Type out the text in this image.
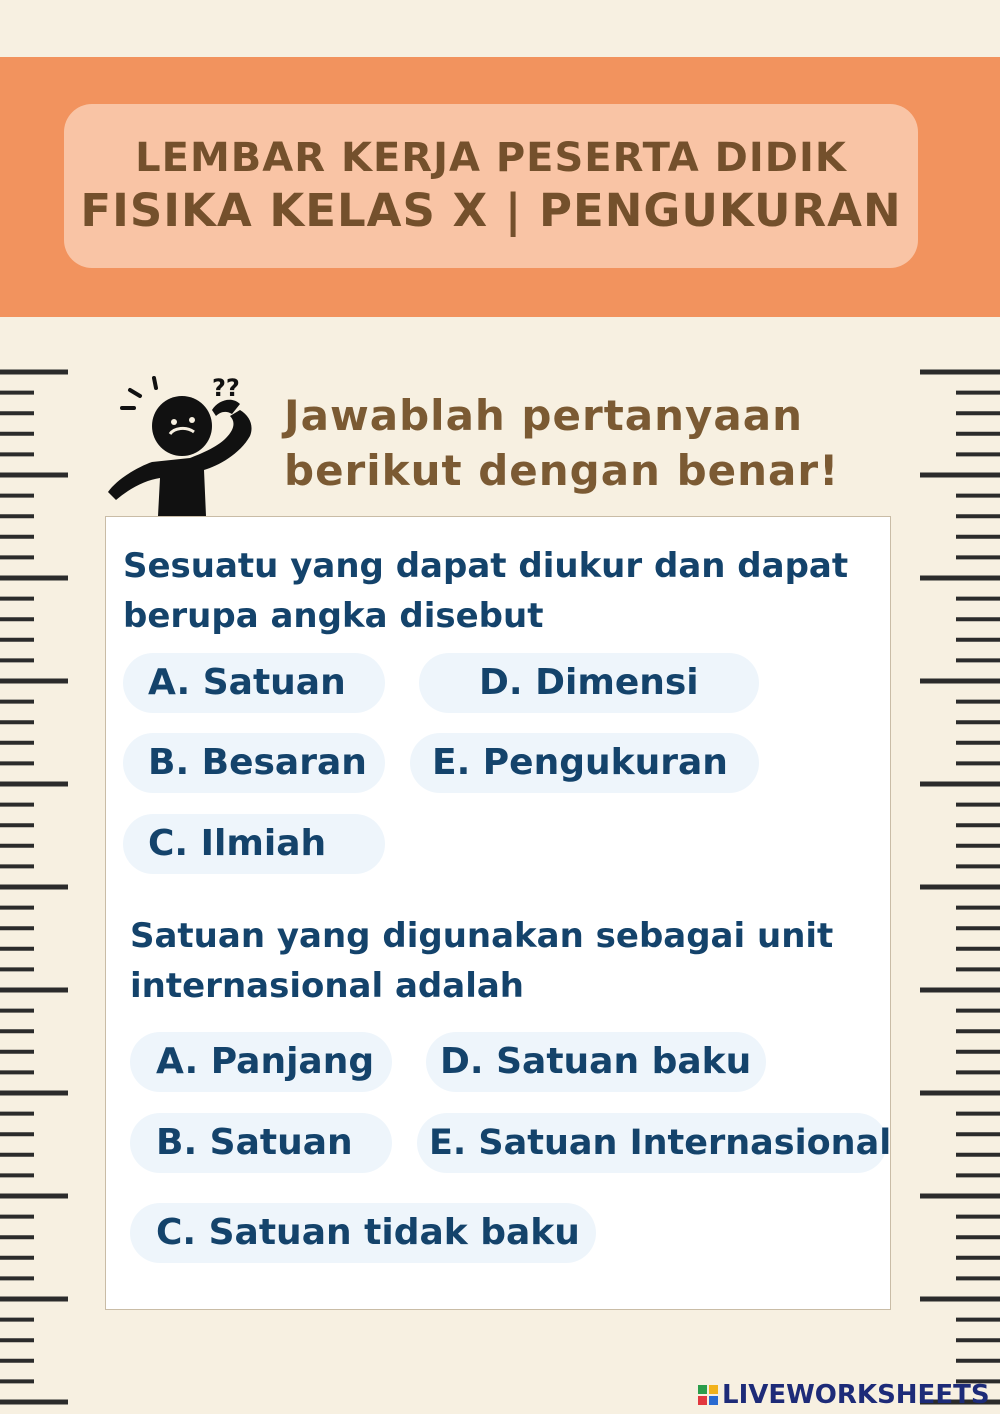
LEMBAR KERJA PESERTA DIDIK
FISIKA KELAS X | PENGUKURAN
??
Jawablah pertanyaan
berikut dengan benar!
Sesuatu yang dapat diukur dan dapat
berupa angka disebut
A. Satuan	D. Dimensi
B. Besaran	E. Pengukuran
C. Ilmiah
Satuan yang digunakan sebagai unit
internasional adalah
A. Panjang	D. Satuan baku
B. Satuan	E. Satuan Internasional
C. Satuan tidak baku
LIVEWORKSHEETS
